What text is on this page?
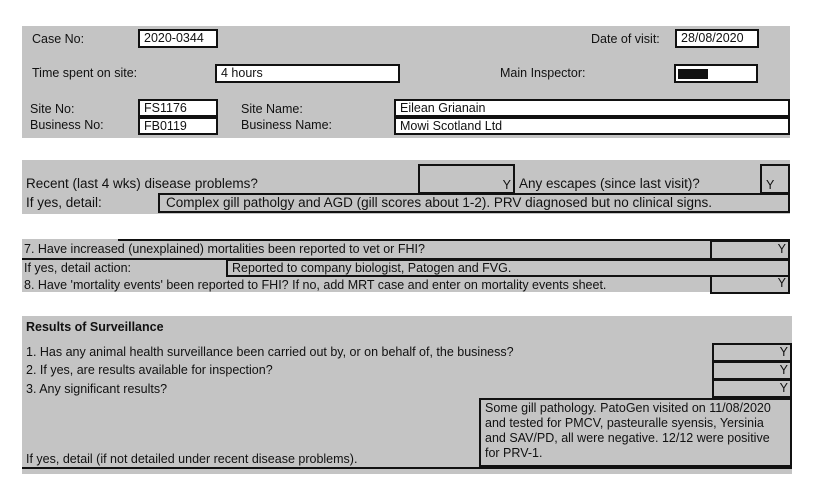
Case No:	2020-0344	Date of visit:	28/08/2020
Time spent on site:	4 hours	Main Inspector:
Site No:	FS1176
Business No:	FB0119
Site Name:	Eilean Grianain
Business Name:	Mowi Scotland Ltd
Recent (last 4 wks) disease problems?	Y Any escapes (since last visit)?	Y
If yes, detail:	Complex gill patholgy and AGD (gill scores about 1-2). PRV diagnosed but no clinical signs.
7. Have increased (unexplained) mortalities been reported to vet or FHI?	Y
If yes, detail action:	Reported to company biologist, Patogen and FVG.
8. Have 'mortality events' been reported to FHI? If no, add MRT case and enter on mortality events sheet.	Y
Results of Surveillance
1. Has any animal health surveillance been carried out by, or on behalf of, the business?	Y
2. If yes, are results available for inspection?	Y
3. Any significant results?	Y
Some gill pathology. PatoGen visited on 11/08/2020 and tested for PMCV, pasteuralle syensis, Yersinia and SAV/PD, all were negative. 12/12 were positive for PRV-1.
If yes, detail (if not detailed under recent disease problems).
